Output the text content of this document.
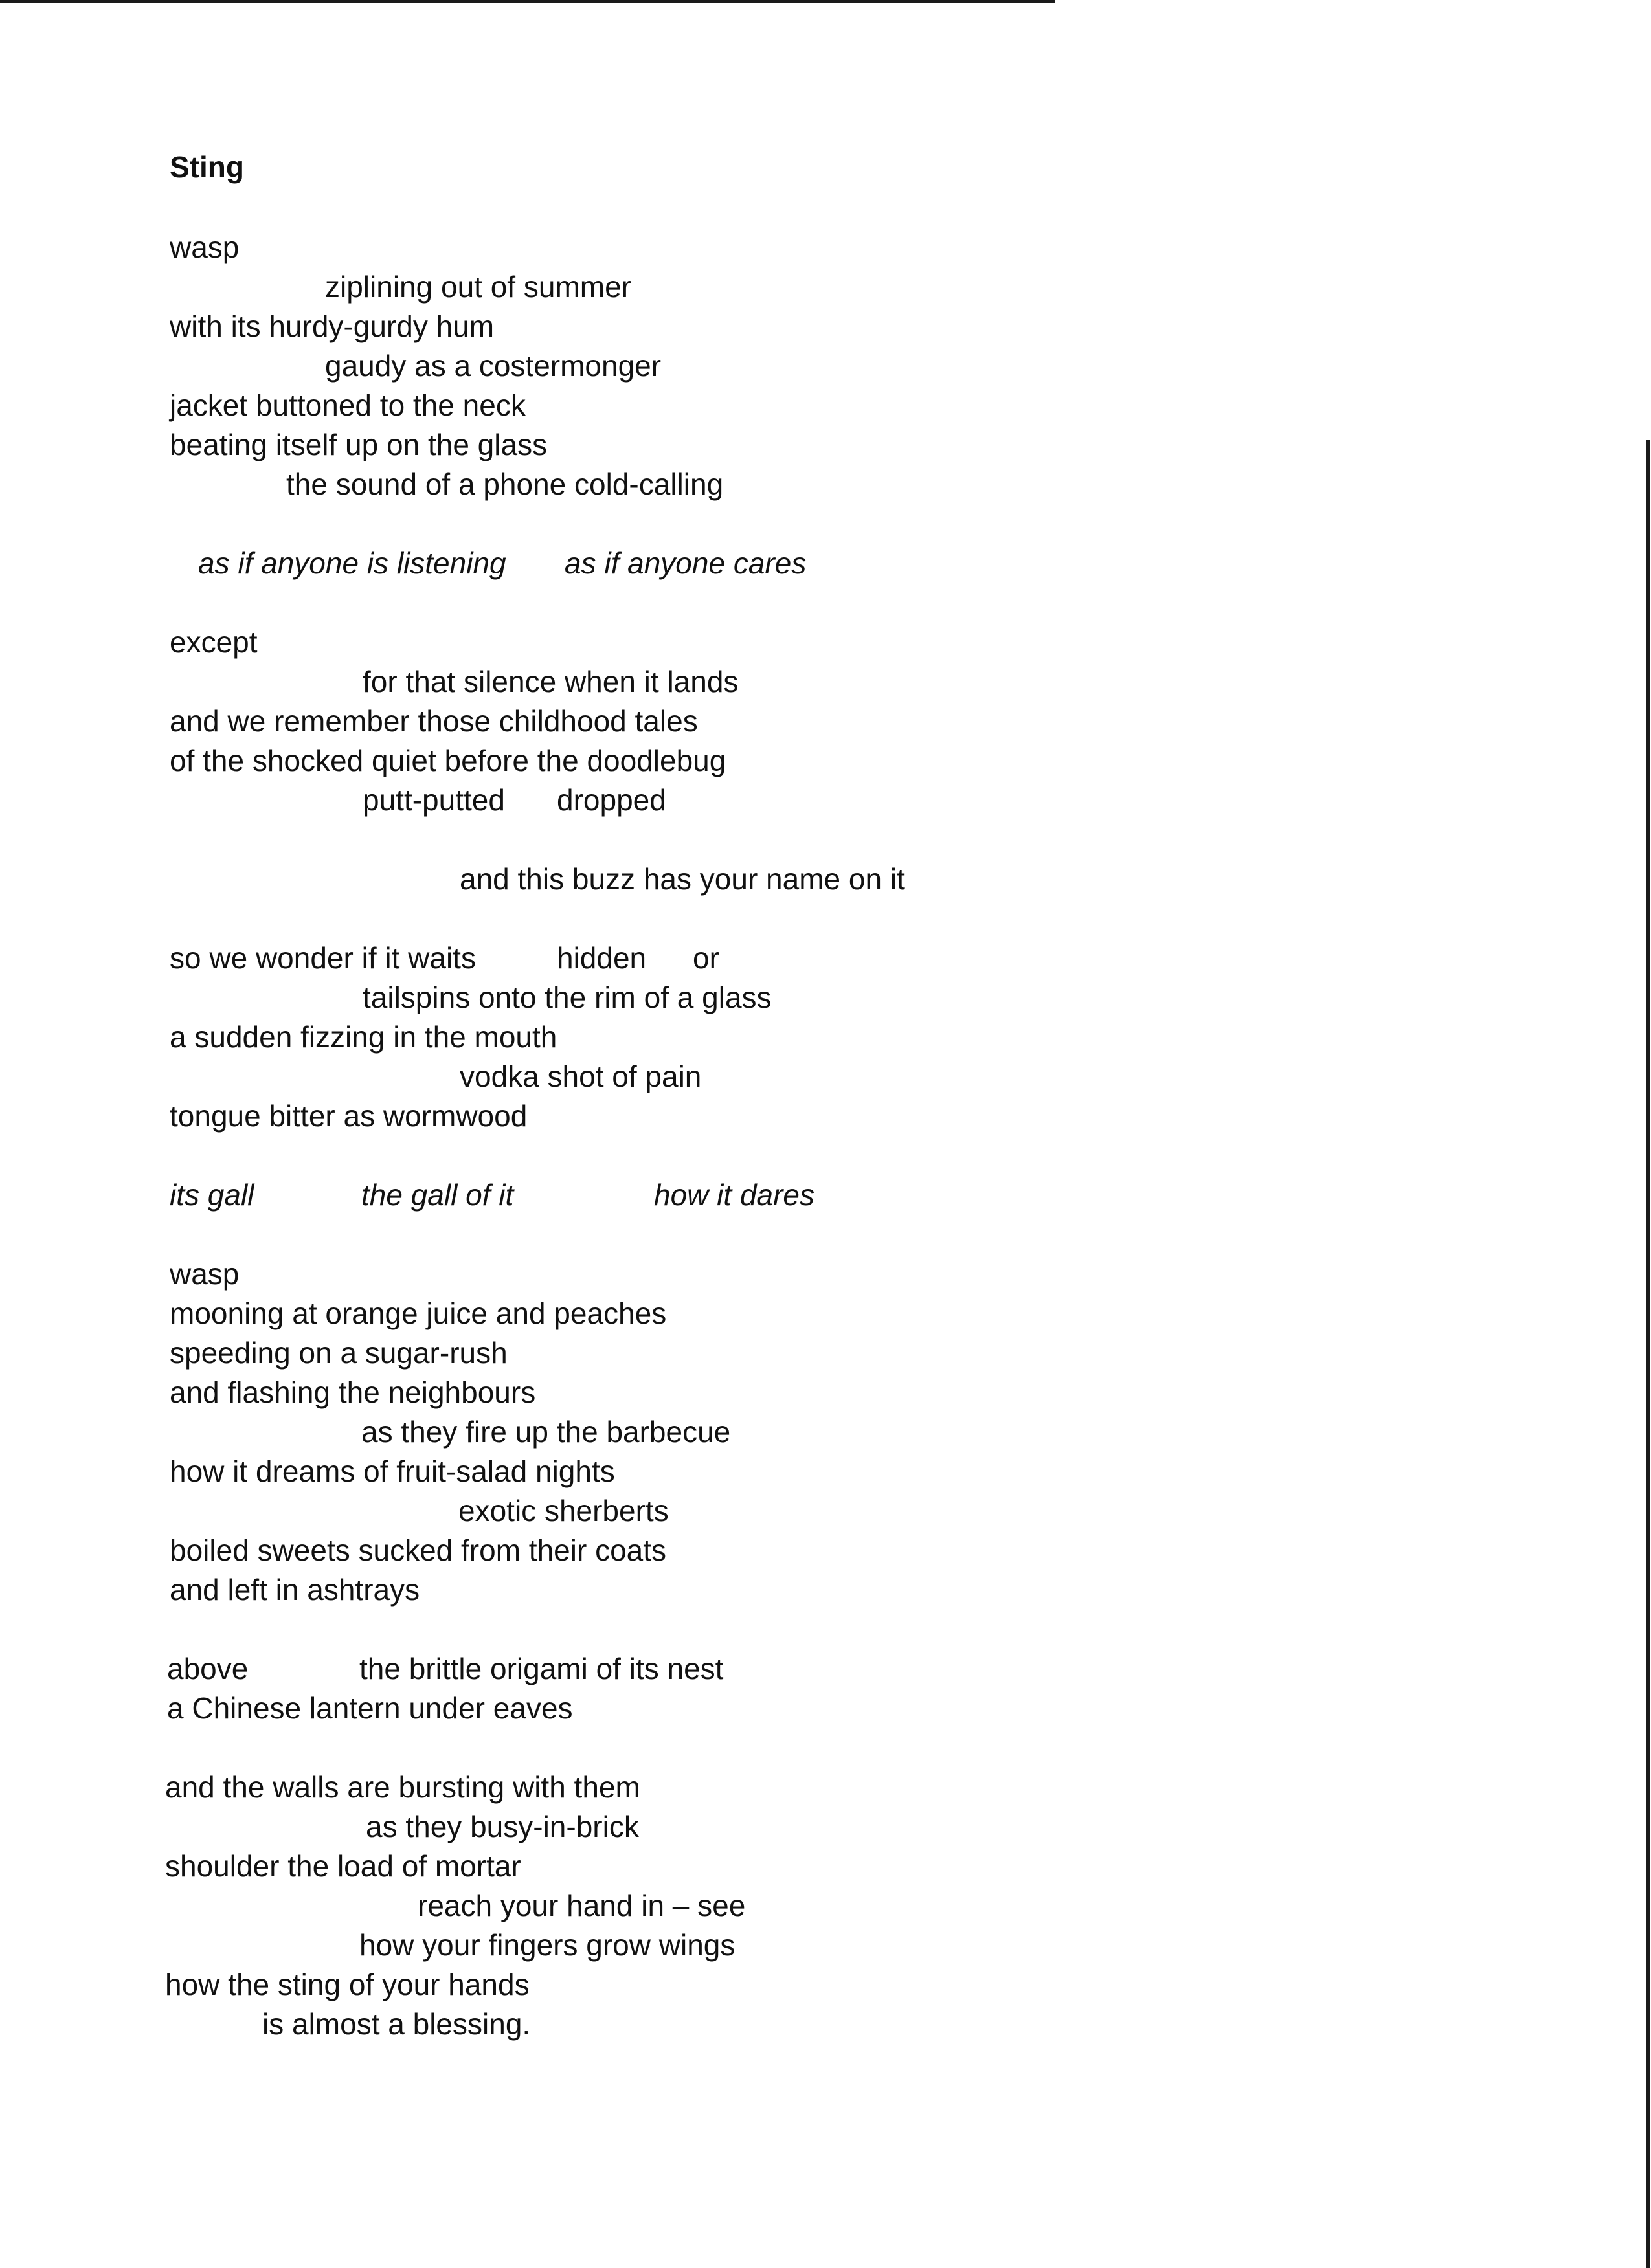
Sting
wasp
ziplining out of summer
with its hurdy-gurdy hum
gaudy as a costermonger
jacket buttoned to the neck
beating itself up on the glass
the sound of a phone cold-calling
as if anyone is listening as if anyone cares
except
for that silence when it lands
and we remember those childhood tales
of the shocked quiet before the doodlebug
putt-putted dropped
and this buzz has your name on it
so we wonder if it waits	hidden or
tailspins onto the rim of a glass
a sudden fizzing in the mouth
vodka shot of pain
tongue bitter as wormwood
its gall	the gall of it	how it dares
wasp
mooning at orange juice and peaches
speeding on a sugar-rush
and flashing the neighbours
as they fire up the barbecue
how it dreams of fruit-salad nights
exotic sherberts
boiled sweets sucked from their coats
and left in ashtrays
above	the brittle origami of its nest
a Chinese lantern under eaves
and the walls are bursting with them
as they busy-in-brick
shoulder the load of mortar
reach your hand in – see
how your fingers grow wings
how the sting of your hands
is almost a blessing.
